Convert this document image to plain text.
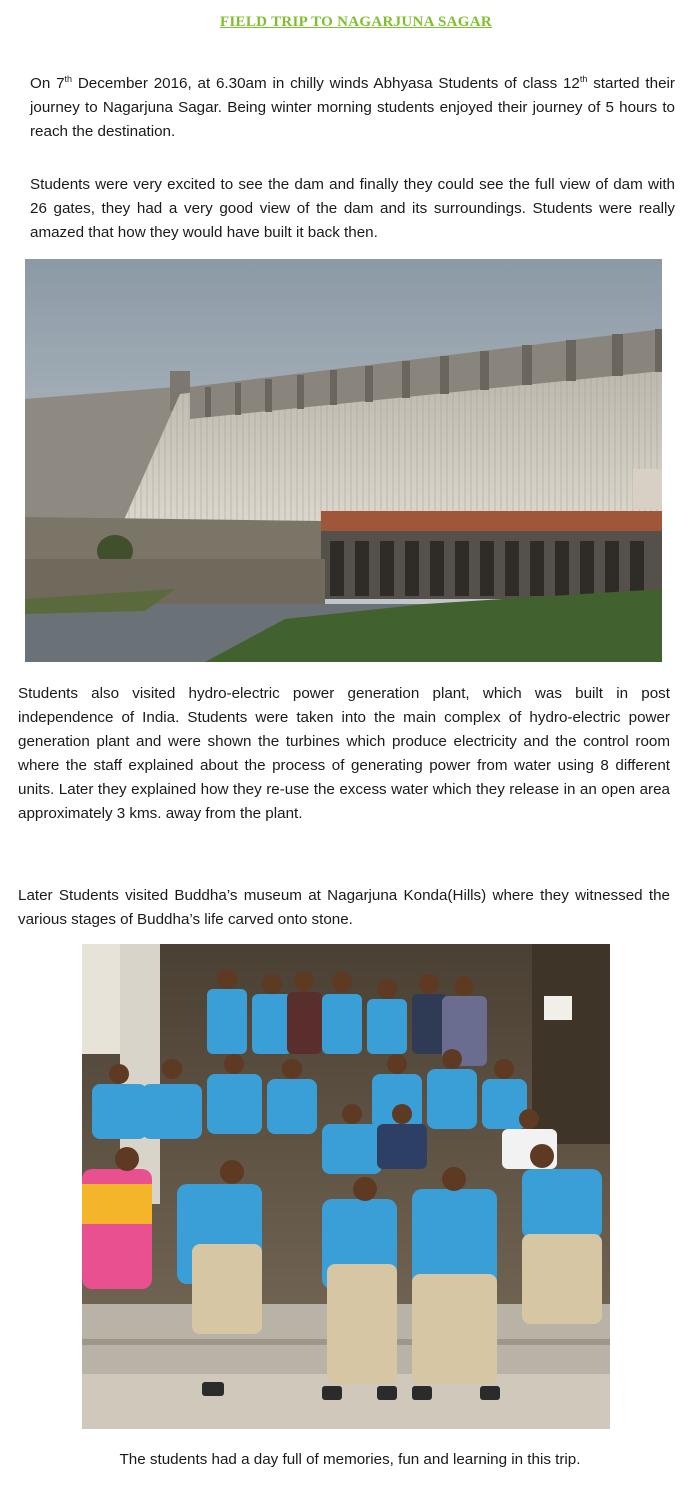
FIELD TRIP TO NAGARJUNA SAGAR

On 7th December 2016, at 6.30am in chilly winds Abhyasa Students of class 12th started their journey to Nagarjuna Sagar. Being winter morning students enjoyed their journey of 5 hours to reach the destination.

Students were very excited to see the dam and finally they could see the full view of dam with 26 gates, they had a very good view of the dam and its surroundings. Students were really amazed that how they would have built it back then.

Students also visited hydro-electric power generation plant, which was built in post independence of India. Students were taken into the main complex of hydro-electric power generation plant and were shown the turbines which produce electricity and the control room where the staff explained about the process of generating power from water using 8 different units. Later they explained how they re-use the excess water which they release in an open area approximately 3 kms. away from the plant.

Later Students visited Buddha’s museum at Nagarjuna Konda(Hills) where they witnessed the various stages of Buddha’s life carved onto stone.

The students had a day full of memories, fun and learning in this trip.
